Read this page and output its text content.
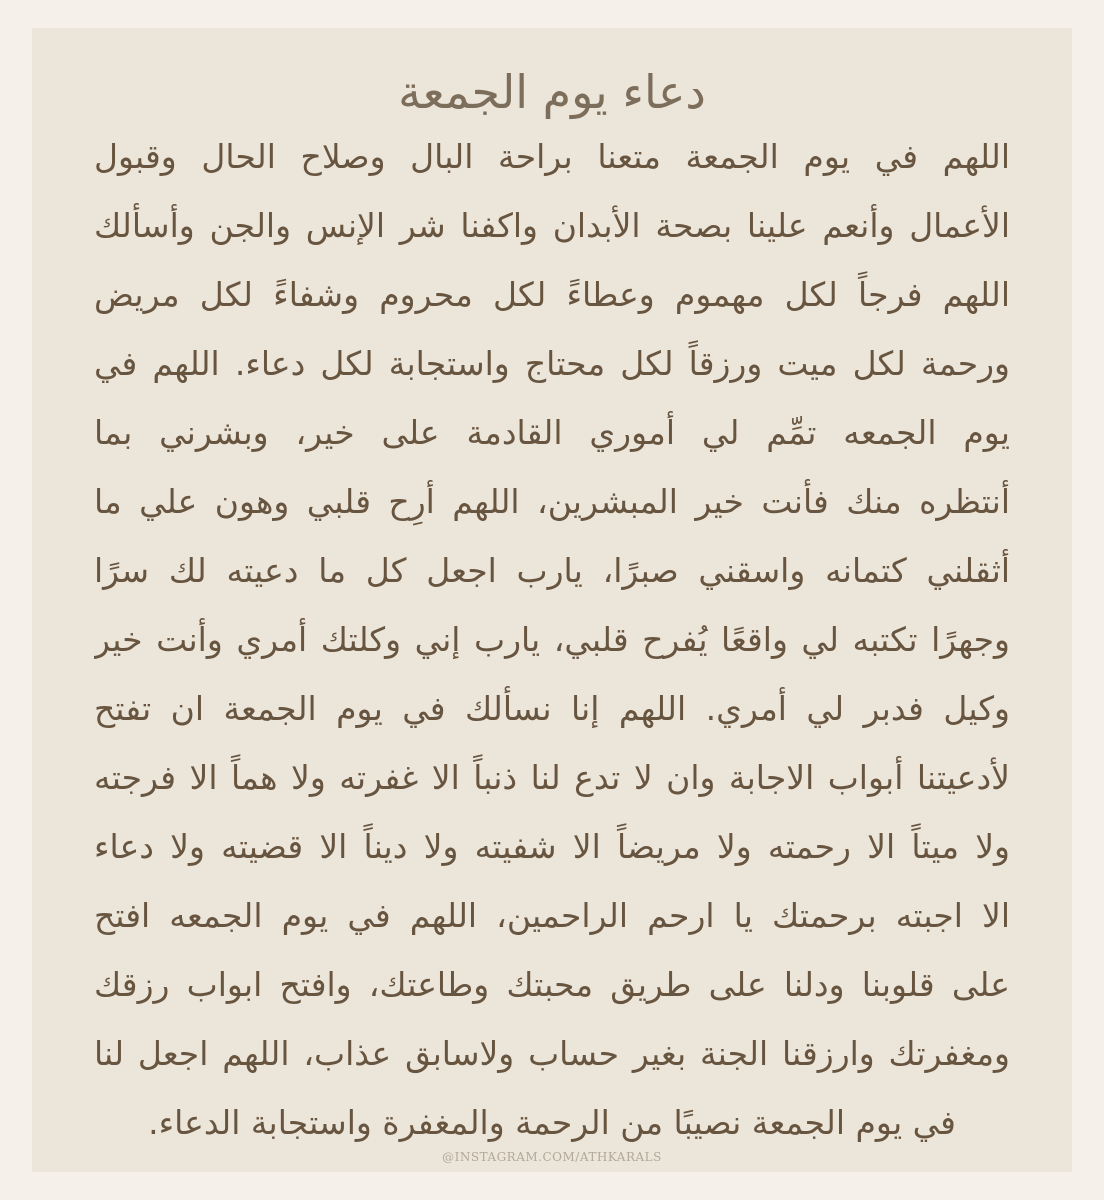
دعاء يوم الجمعة
اللهم في يوم الجمعة متعنا براحة البال وصلاح الحال وقبول
الأعمال وأنعم علينا بصحة الأبدان واكفنا شر الإنس والجن وأسألك
اللهم فرجاً لكل مهموم وعطاءً لكل محروم وشفاءً لكل مريض
ورحمة لكل ميت ورزقاً لكل محتاج واستجابة لكل دعاء. اللهم في
يوم الجمعه تمِّم لي أموري القادمة على خير، وبشرني بما
أنتظره منك فأنت خير المبشرين، اللهم أرِح قلبي وهون علي ما
أثقلني كتمانه واسقني صبرًا، يارب اجعل كل ما دعيته لك سرًا
وجهرًا تكتبه لي واقعًا يُفرح قلبي، يارب إني وكلتك أمري وأنت خير
وكيل فدبر لي أمري. اللهم إنا نسألك في يوم الجمعة ان تفتح
لأدعيتنا أبواب الاجابة وان لا تدع لنا ذنباً الا غفرته ولا هماً الا فرجته
ولا ميتاً الا رحمته ولا مريضاً الا شفيته ولا ديناً الا قضيته ولا دعاء
الا اجبته برحمتك يا ارحم الراحمين، اللهم في يوم الجمعه افتح
على قلوبنا ودلنا على طريق محبتك وطاعتك، وافتح ابواب رزقك
ومغفرتك وارزقنا الجنة بغير حساب ولاسابق عذاب، اللهم اجعل لنا
في يوم الجمعة نصيبًا من الرحمة والمغفرة واستجابة الدعاء.
@INSTAGRAM.COM/ATHKARALS
